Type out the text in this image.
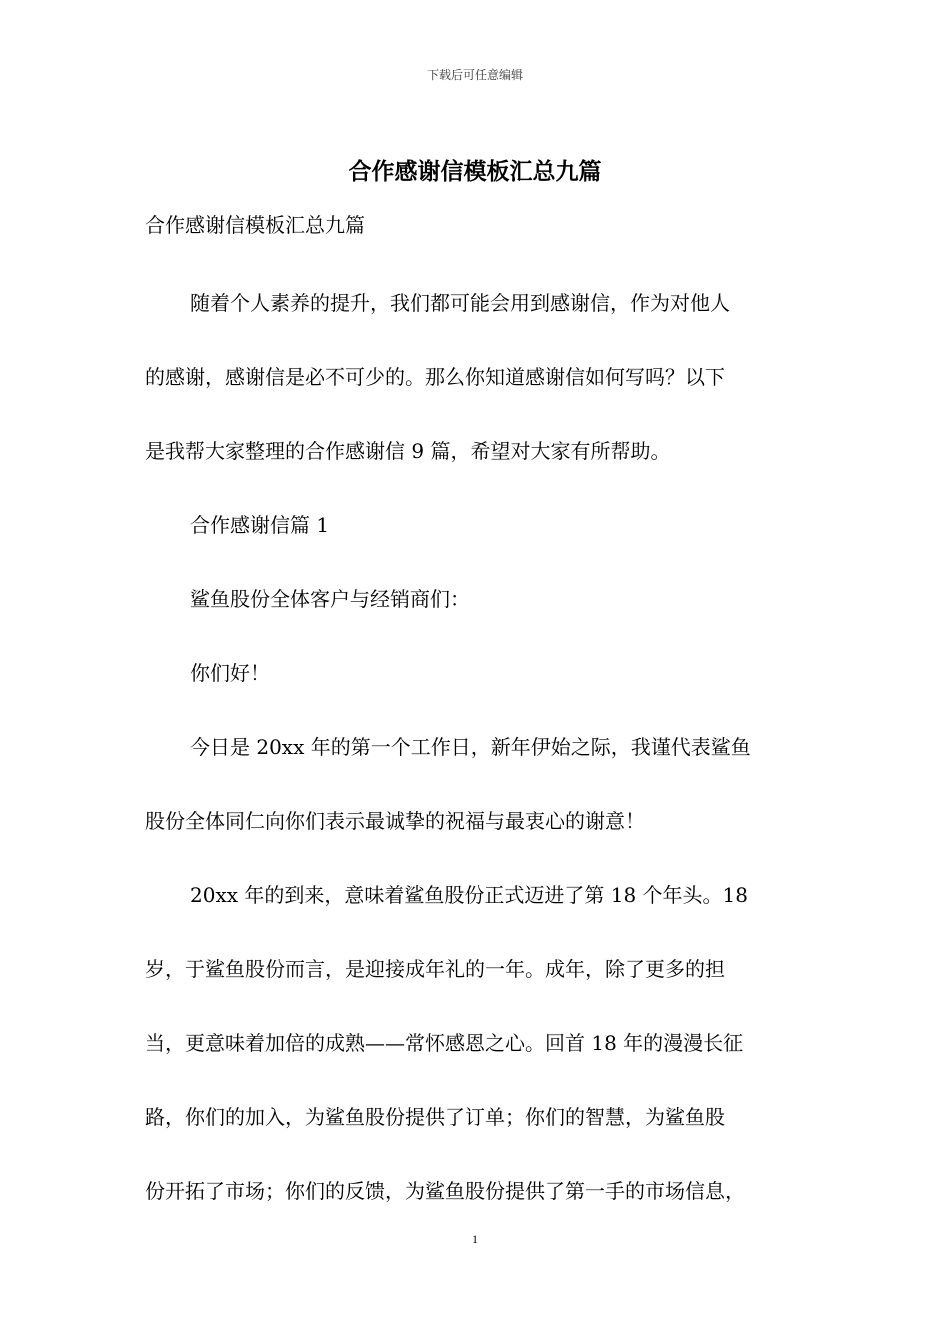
下载后可任意编辑
合作感谢信模板汇总九篇
合作感谢信模板汇总九篇
随着个人素养的提升，我们都可能会用到感谢信，作为对他人
的感谢，感谢信是必不可少的。那么你知道感谢信如何写吗？以下
是我帮大家整理的合作感谢信 9 篇，希望对大家有所帮助。
合作感谢信篇 1
鲨鱼股份全体客户与经销商们：
你们好！
今日是 20xx 年的第一个工作日，新年伊始之际，我谨代表鲨鱼
股份全体同仁向你们表示最诚挚的祝福与最衷心的谢意！
20xx 年的到来，意味着鲨鱼股份正式迈进了第 18 个年头。18
岁，于鲨鱼股份而言，是迎接成年礼的一年。成年，除了更多的担
当，更意味着加倍的成熟——常怀感恩之心。回首 18 年的漫漫长征
路，你们的加入，为鲨鱼股份提供了订单；你们的智慧，为鲨鱼股
份开拓了市场；你们的反馈，为鲨鱼股份提供了第一手的市场信息，
1
